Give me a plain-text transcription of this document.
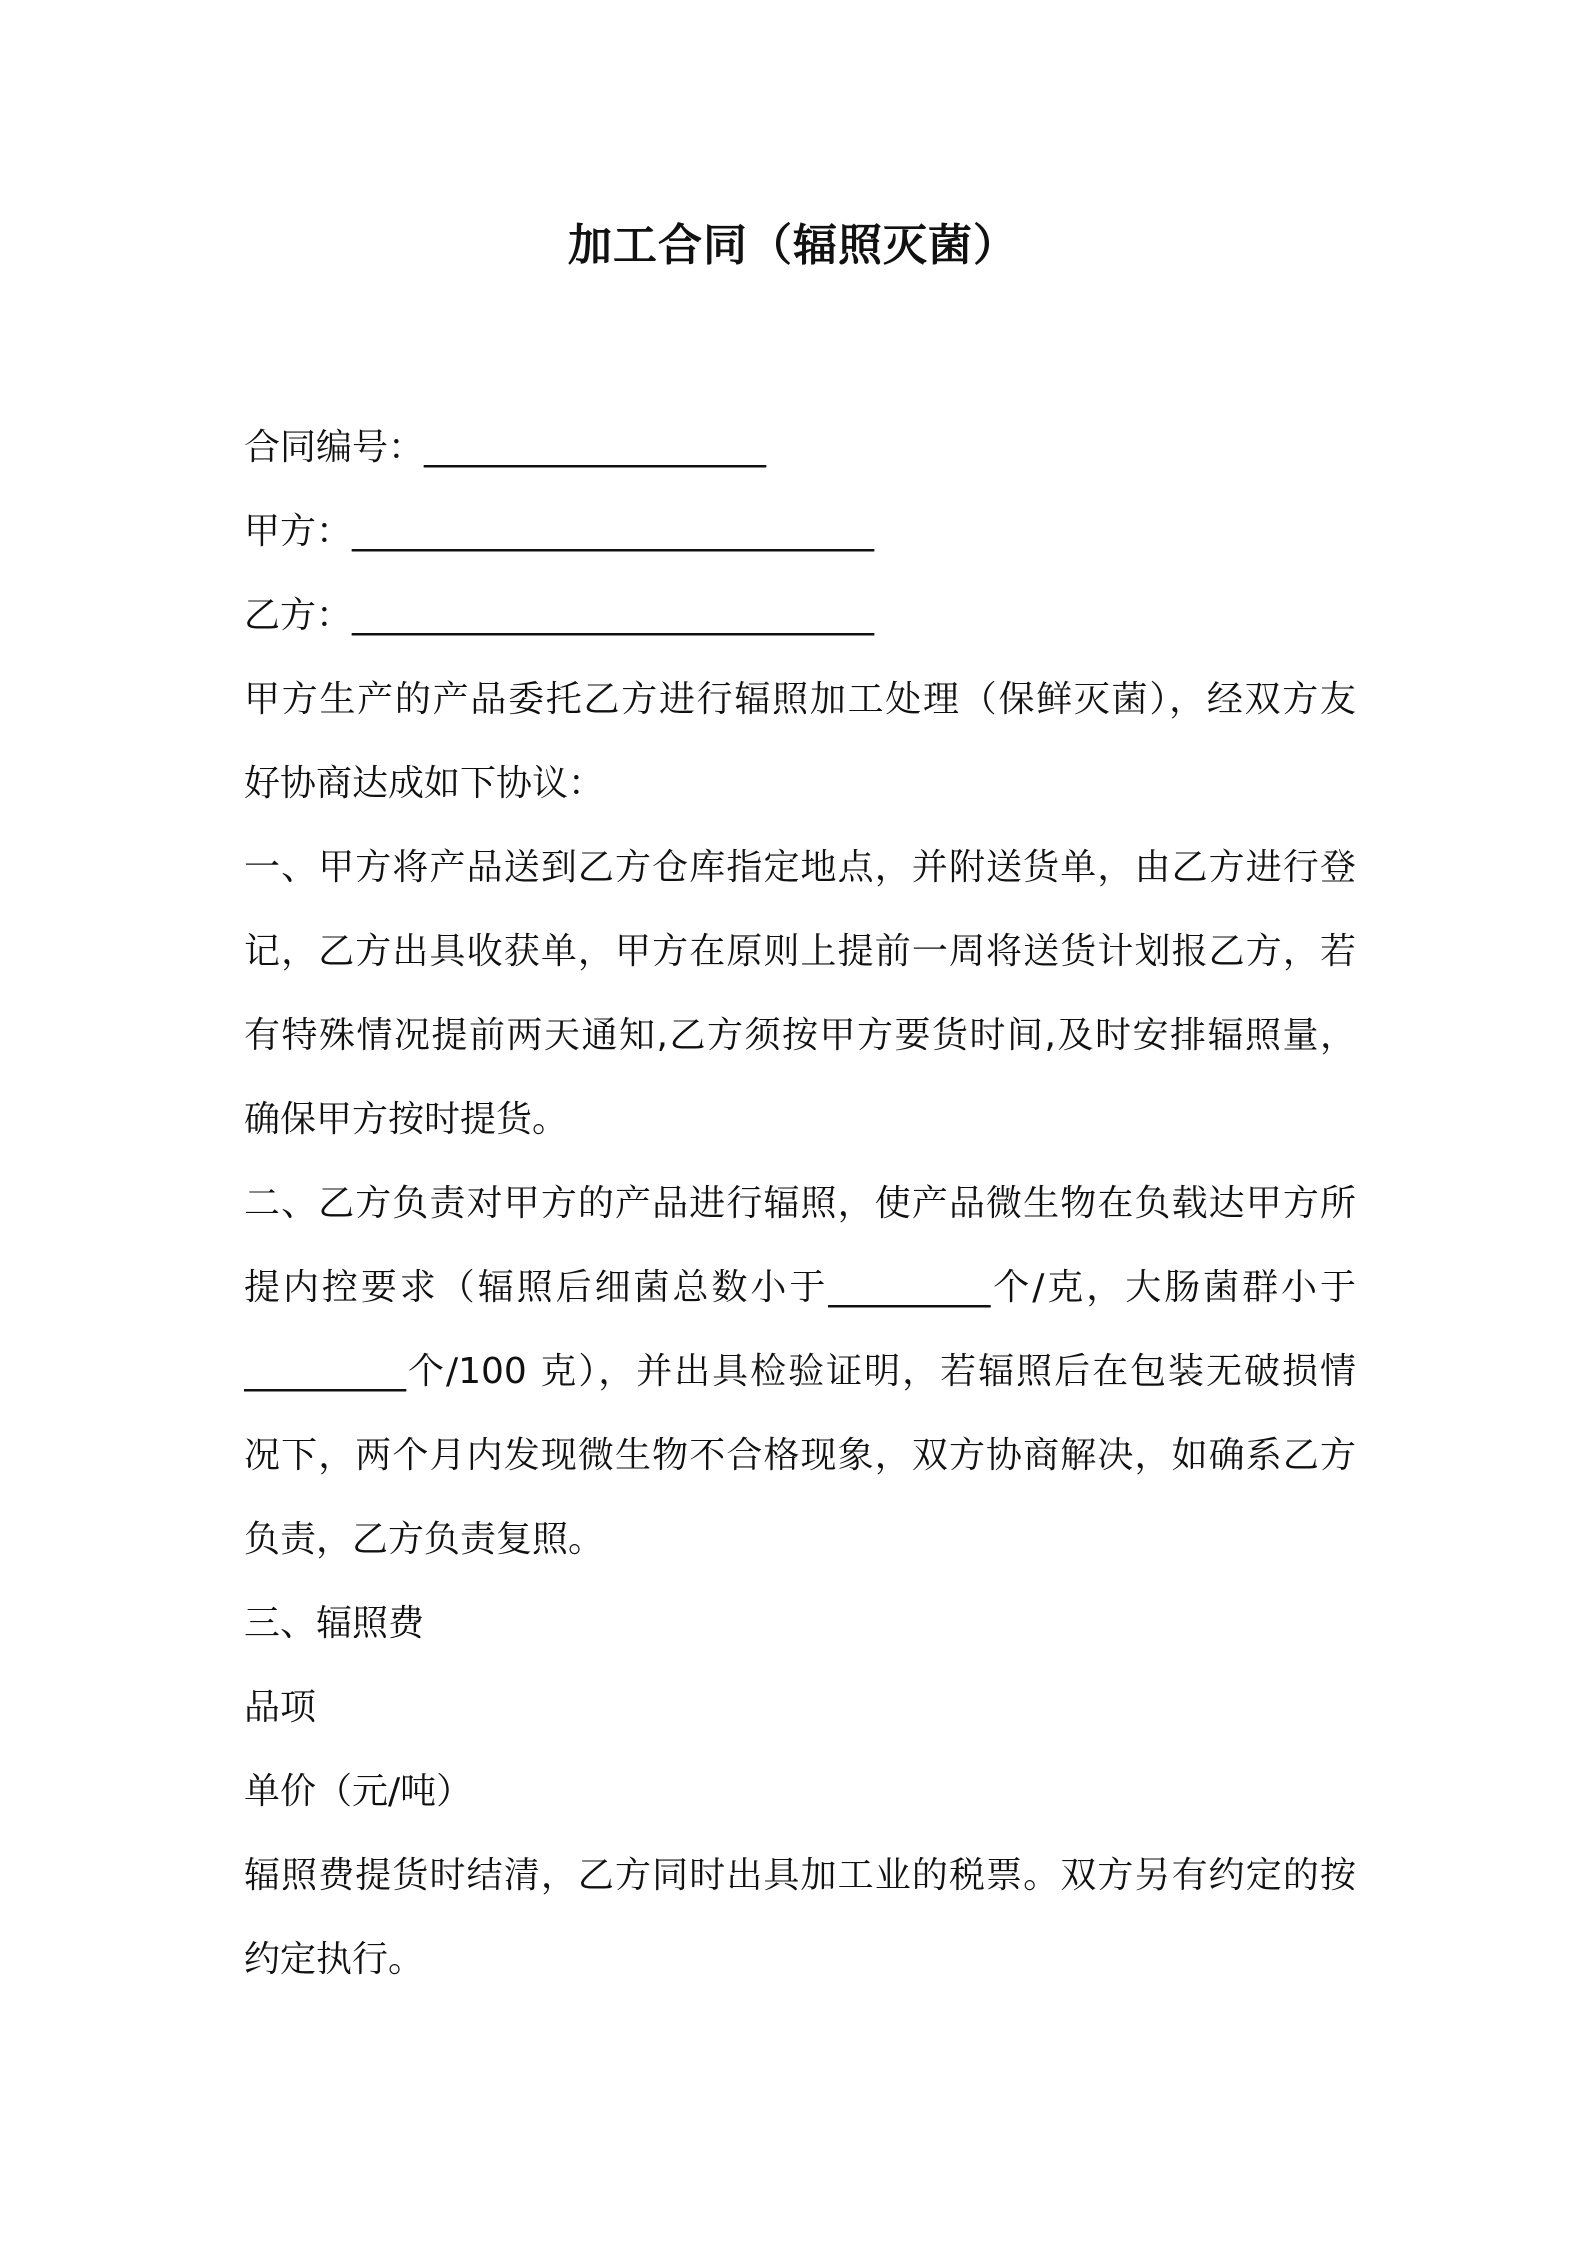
加工合同（辐照灭菌）
合同编号：___________________
甲方：_____________________________
乙方：_____________________________
甲方生产的产品委托乙方进行辐照加工处理（保鲜灭菌），经双方友
好协商达成如下协议：
一、甲方将产品送到乙方仓库指定地点，并附送货单，由乙方进行登
记，乙方出具收获单，甲方在原则上提前一周将送货计划报乙方，若
有特殊情况提前两天通知,乙方须按甲方要货时间,及时安排辐照量，
确保甲方按时提货。
二、乙方负责对甲方的产品进行辐照，使产品微生物在负载达甲方所
提内控要求（辐照后细菌总数小于_________个/克，大肠菌群小于
_________个/100 克），并出具检验证明，若辐照后在包装无破损情
况下，两个月内发现微生物不合格现象，双方协商解决，如确系乙方
负责，乙方负责复照。
三、辐照费
品项
单价（元/吨）
辐照费提货时结清，乙方同时出具加工业的税票。双方另有约定的按
约定执行。
